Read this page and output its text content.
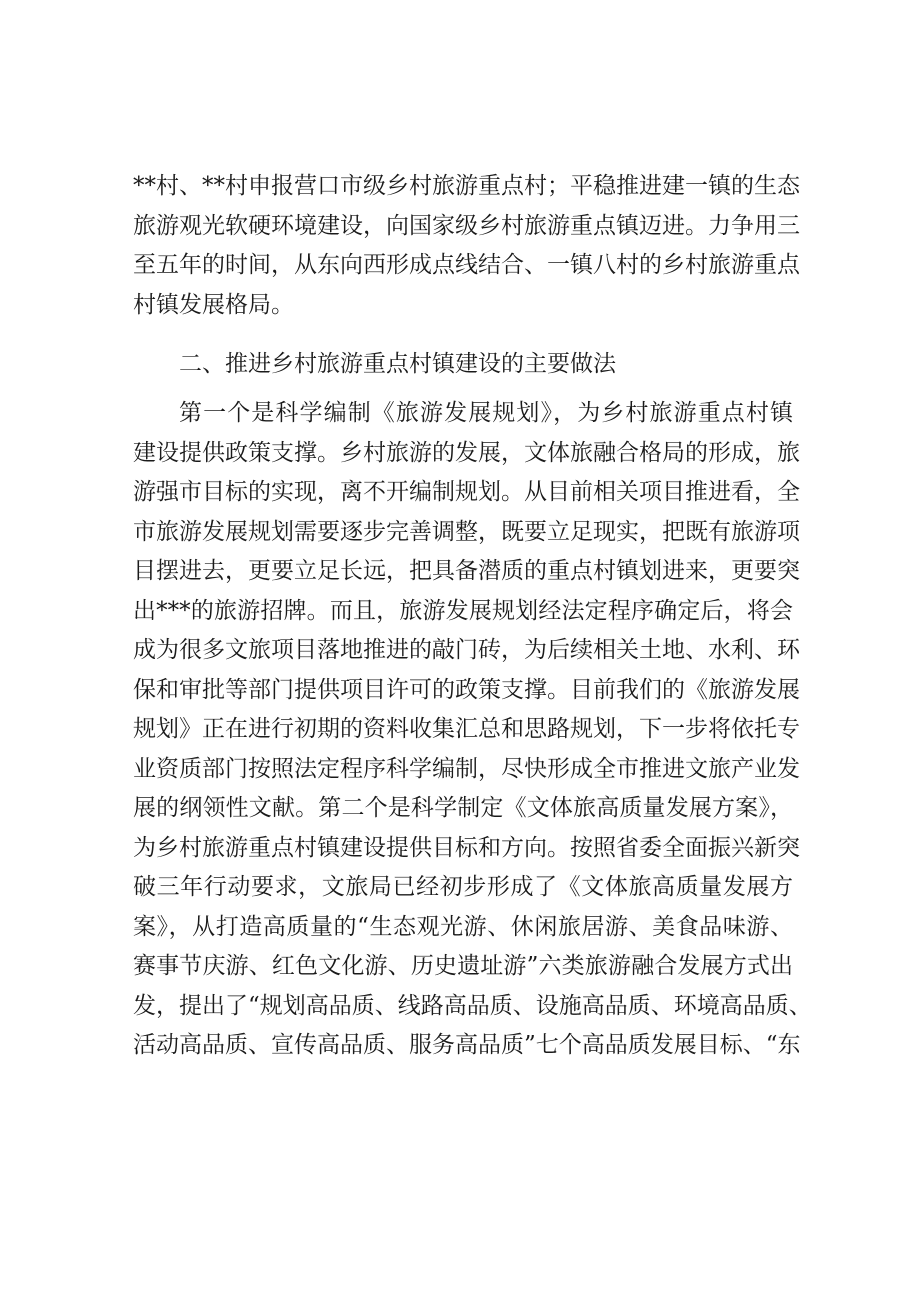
**村、**村申报营口市级乡村旅游重点村；平稳推进建一镇的生态
旅游观光软硬环境建设，向国家级乡村旅游重点镇迈进。力争用三
至五年的时间，从东向西形成点线结合、一镇八村的乡村旅游重点
村镇发展格局。
二、推进乡村旅游重点村镇建设的主要做法
第一个是科学编制《旅游发展规划》，为乡村旅游重点村镇
建设提供政策支撑。乡村旅游的发展，文体旅融合格局的形成，旅
游强市目标的实现，离不开编制规划。从目前相关项目推进看，全
市旅游发展规划需要逐步完善调整，既要立足现实，把既有旅游项
目摆进去，更要立足长远，把具备潜质的重点村镇划进来，更要突
出***的旅游招牌。而且，旅游发展规划经法定程序确定后，将会
成为很多文旅项目落地推进的敲门砖，为后续相关土地、水利、环
保和审批等部门提供项目许可的政策支撑。目前我们的《旅游发展
规划》正在进行初期的资料收集汇总和思路规划，下一步将依托专
业资质部门按照法定程序科学编制，尽快形成全市推进文旅产业发
展的纲领性文献。第二个是科学制定《文体旅高质量发展方案》，
为乡村旅游重点村镇建设提供目标和方向。按照省委全面振兴新突
破三年行动要求，文旅局已经初步形成了《文体旅高质量发展方
案》，从打造高质量的“生态观光游、休闲旅居游、美食品味游、
赛事节庆游、红色文化游、历史遗址游”六类旅游融合发展方式出
发，提出了“规划高品质、线路高品质、设施高品质、环境高品质、
活动高品质、宣传高品质、服务高品质”七个高品质发展目标、“东
